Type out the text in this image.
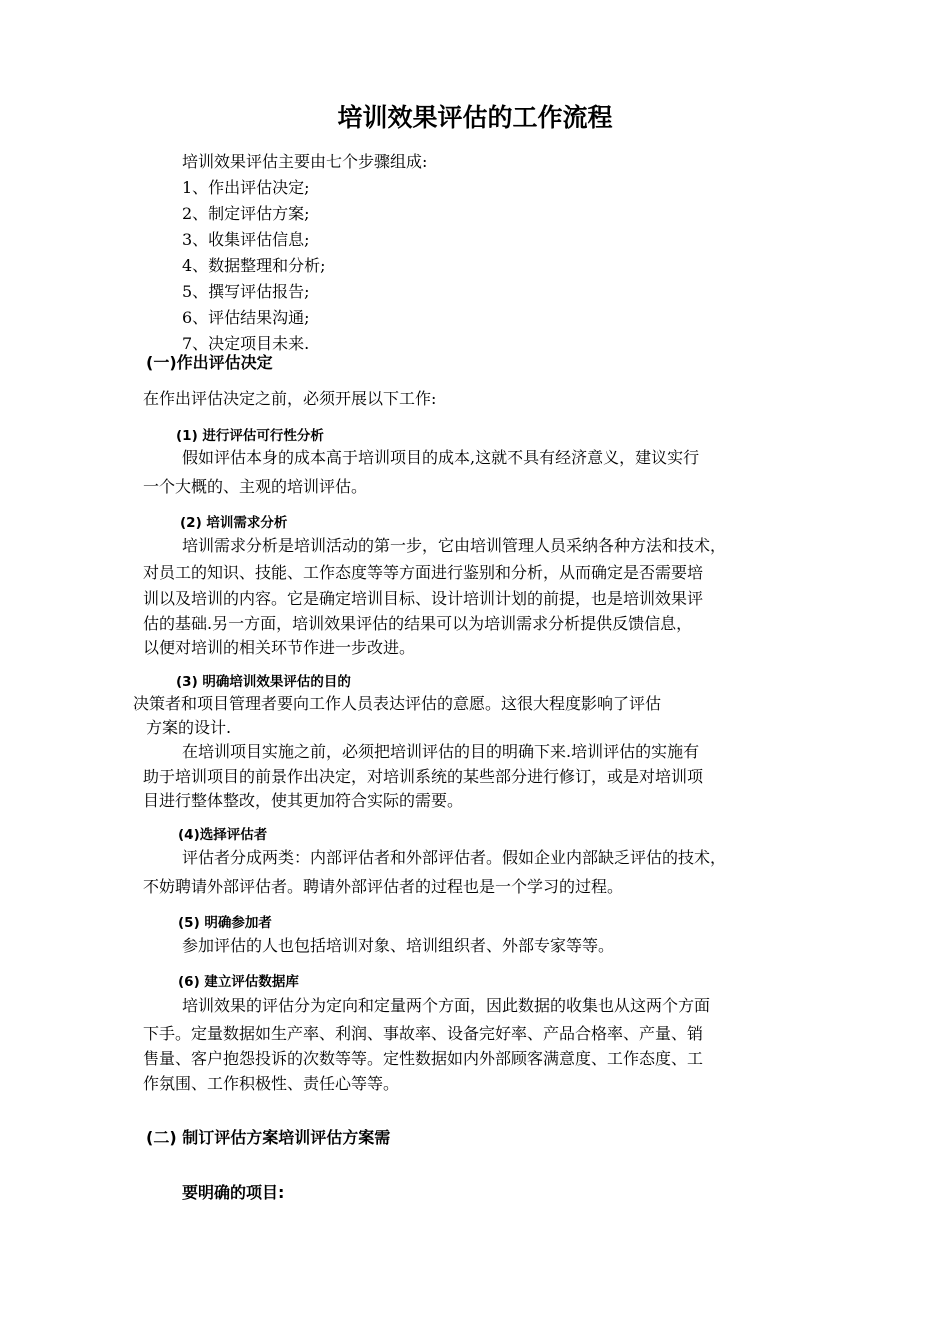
培训效果评估的工作流程
培训效果评估主要由七个步骤组成:
1、作出评估决定;
2、制定评估方案;
3、收集评估信息;
4、数据整理和分析;
5、撰写评估报告;
6、评估结果沟通;
7、决定项目未来.
(一)作出评估决定
在作出评估决定之前，必须开展以下工作:
(1) 进行评估可行性分析
假如评估本身的成本高于培训项目的成本,这就不具有经济意义，建议实行
一个大概的、主观的培训评估。
(2) 培训需求分析
培训需求分析是培训活动的第一步，它由培训管理人员采纳各种方法和技术，
对员工的知识、技能、工作态度等等方面进行鉴别和分析，从而确定是否需要培
训以及培训的内容。它是确定培训目标、设计培训计划的前提，也是培训效果评
估的基础.另一方面，培训效果评估的结果可以为培训需求分析提供反馈信息，
以便对培训的相关环节作进一步改进。
(3) 明确培训效果评估的目的
决策者和项目管理者要向工作人员表达评估的意愿。这很大程度影响了评估
方案的设计.
在培训项目实施之前，必须把培训评估的目的明确下来.培训评估的实施有
助于培训项目的前景作出决定，对培训系统的某些部分进行修订，或是对培训项
目进行整体整改，使其更加符合实际的需要。
(4)选择评估者
评估者分成两类：内部评估者和外部评估者。假如企业内部缺乏评估的技术，
不妨聘请外部评估者。聘请外部评估者的过程也是一个学习的过程。
(5) 明确参加者
参加评估的人也包括培训对象、培训组织者、外部专家等等。
(6) 建立评估数据库
培训效果的评估分为定向和定量两个方面，因此数据的收集也从这两个方面
下手。定量数据如生产率、利润、事故率、设备完好率、产品合格率、产量、销
售量、客户抱怨投诉的次数等等。定性数据如内外部顾客满意度、工作态度、工
作氛围、工作积极性、责任心等等。
(二) 制订评估方案培训评估方案需
要明确的项目:
